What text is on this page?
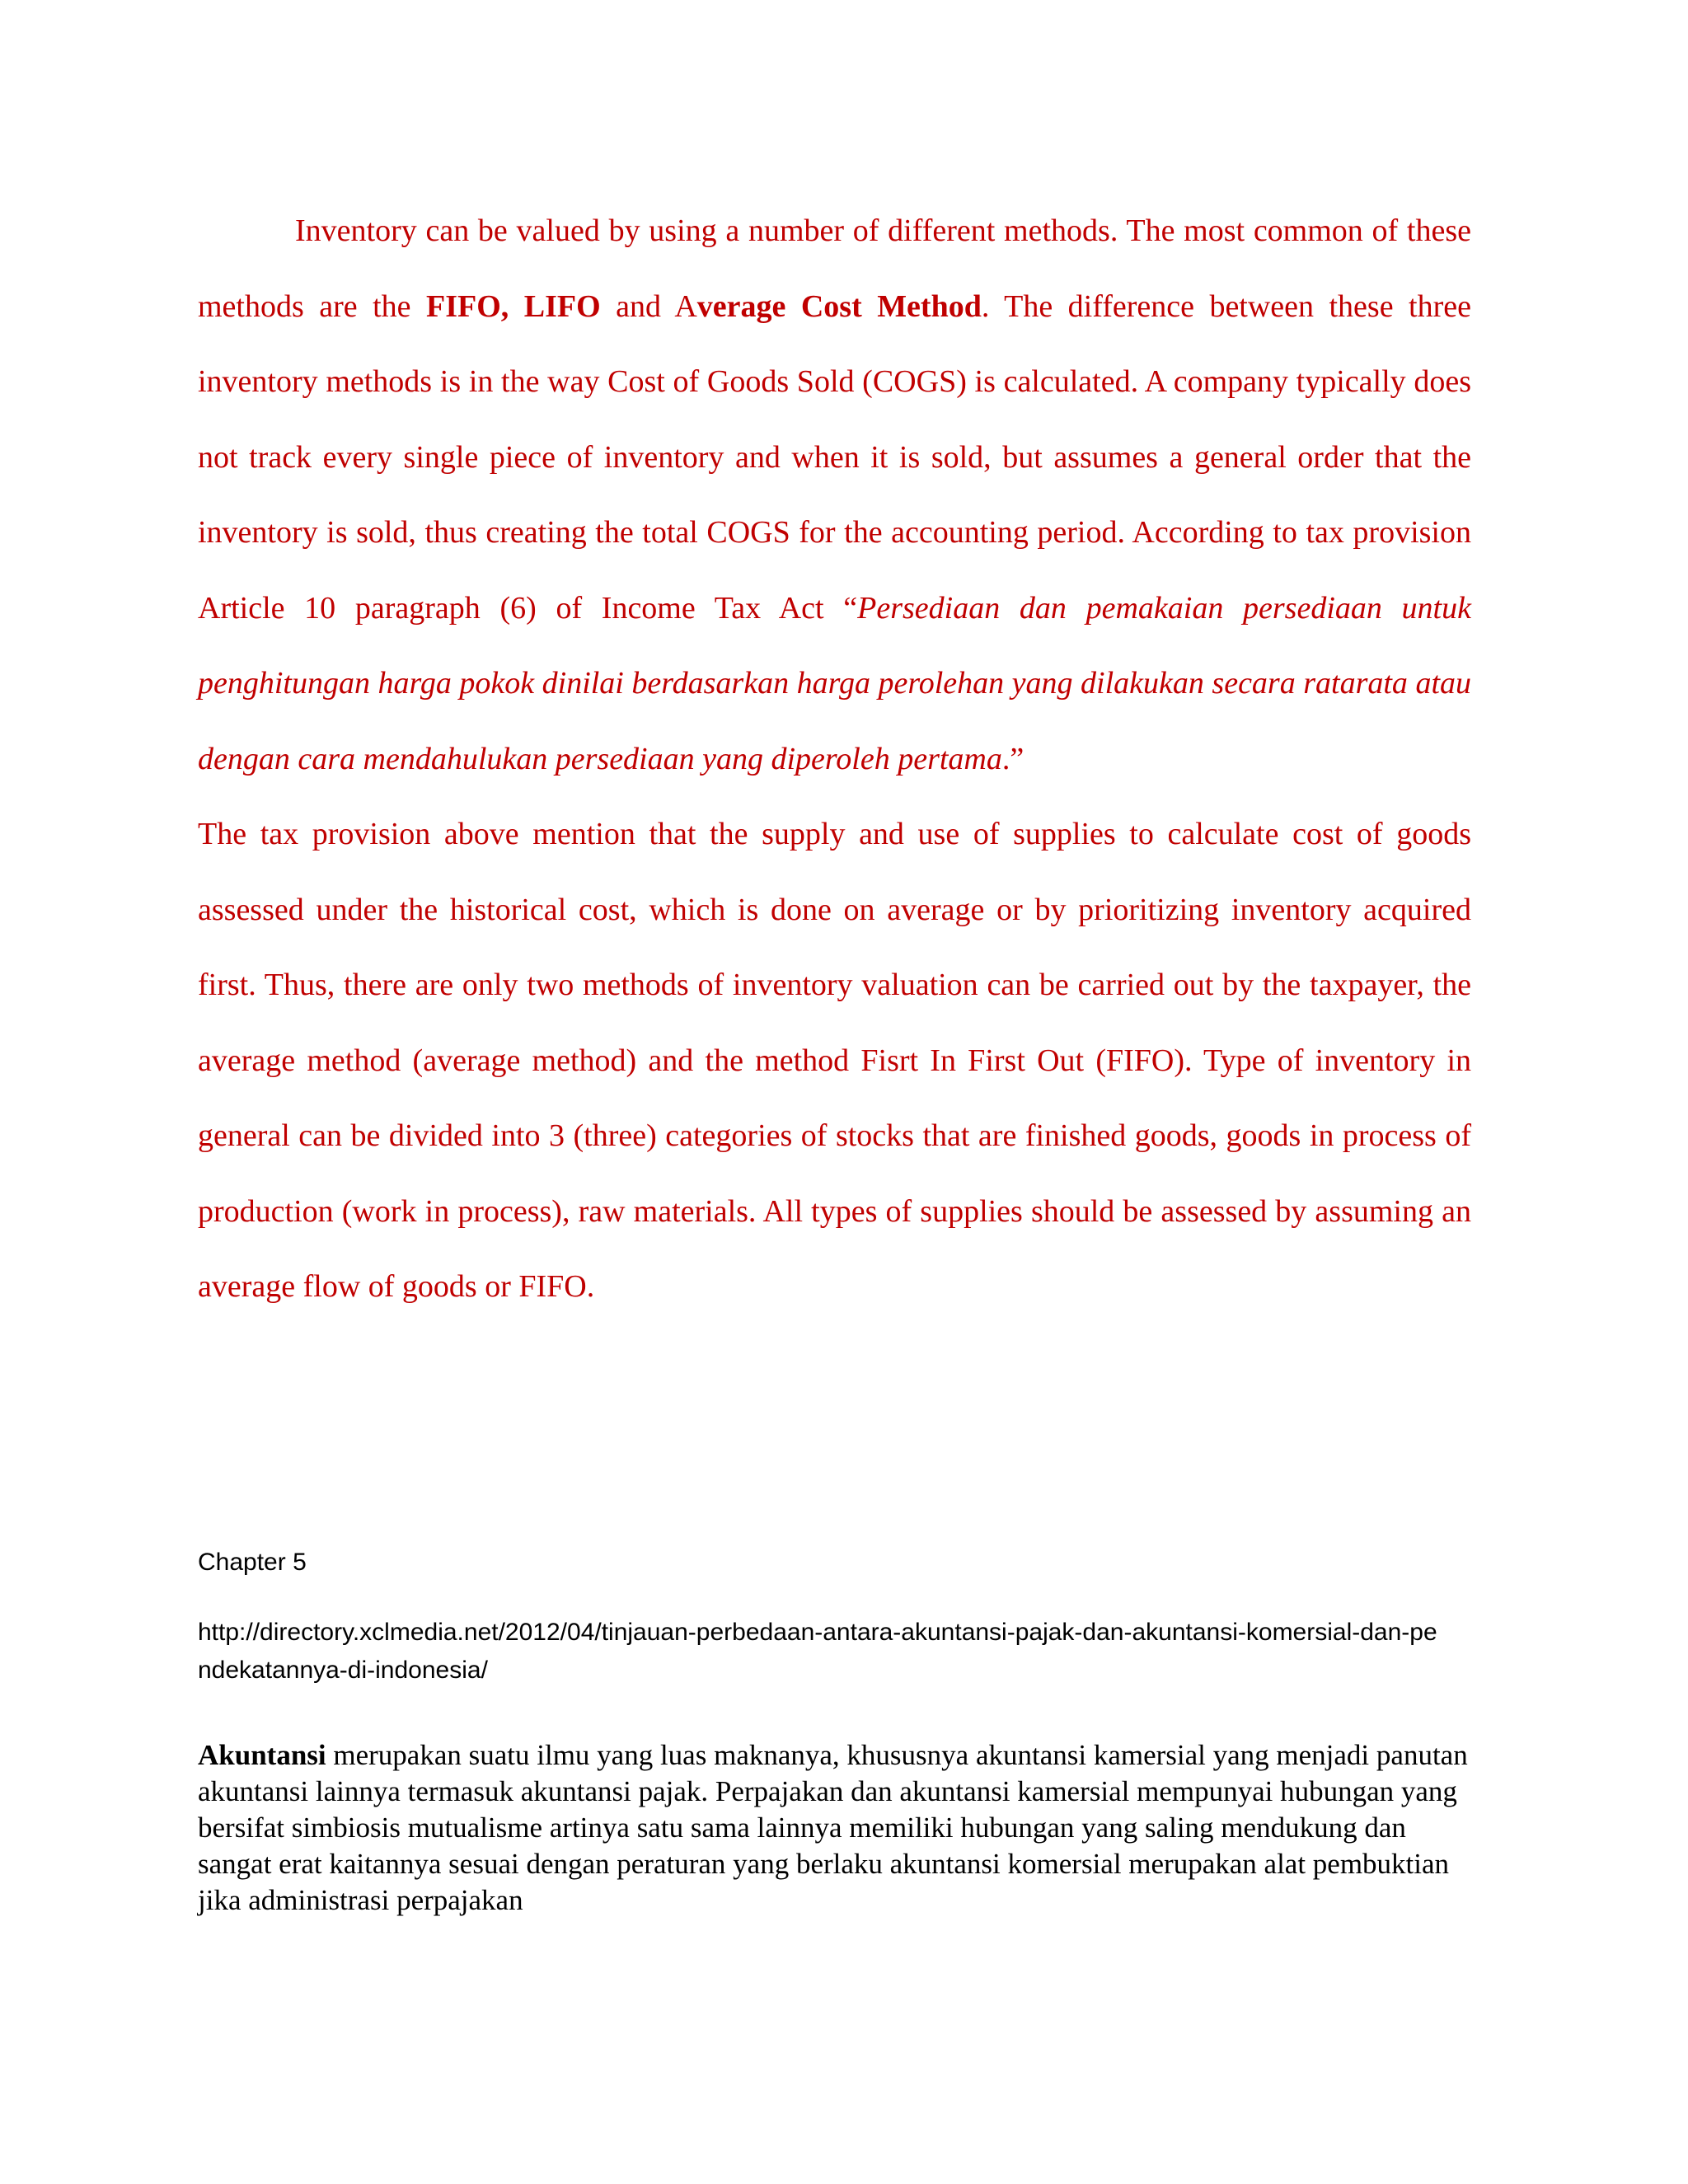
Inventory can be valued by using a number of different methods. The most common of these methods are the FIFO, LIFO and Average Cost Method. The difference between these three inventory methods is in the way Cost of Goods Sold (COGS) is calculated. A company typically does not track every single piece of inventory and when it is sold, but assumes a general order that the inventory is sold, thus creating the total COGS for the accounting period. According to tax provision Article 10 paragraph (6) of Income Tax Act “Persediaan dan pemakaian persediaan untuk penghitungan harga pokok dinilai berdasarkan harga perolehan yang dilakukan secara ratarata atau dengan cara mendahulukan persediaan yang diperoleh pertama.”

The tax provision above mention that the supply and use of supplies to calculate cost of goods assessed under the historical cost, which is done on average or by prioritizing inventory acquired first. Thus, there are only two methods of inventory valuation can be carried out by the taxpayer, the average method (average method) and the method Fisrt In First Out (FIFO). Type of inventory in general can be divided into 3 (three) categories of stocks that are finished goods, goods in process of production (work in process), raw materials. All types of supplies should be assessed by assuming an average flow of goods or FIFO.

Chapter 5
http://directory.xclmedia.net/2012/04/tinjauan-perbedaan-antara-akuntansi-pajak-dan-akuntansi-komersial-dan-pendekatannya-di-indonesia/
Akuntansi merupakan suatu ilmu yang luas maknanya, khususnya akuntansi kamersial yang menjadi panutan akuntansi lainnya termasuk akuntansi pajak. Perpajakan dan akuntansi kamersial mempunyai hubungan yang bersifat simbiosis mutualisme artinya satu sama lainnya memiliki hubungan yang saling mendukung dan sangat erat kaitannya sesuai dengan peraturan yang berlaku akuntansi komersial merupakan alat pembuktian jika administrasi perpajakan
